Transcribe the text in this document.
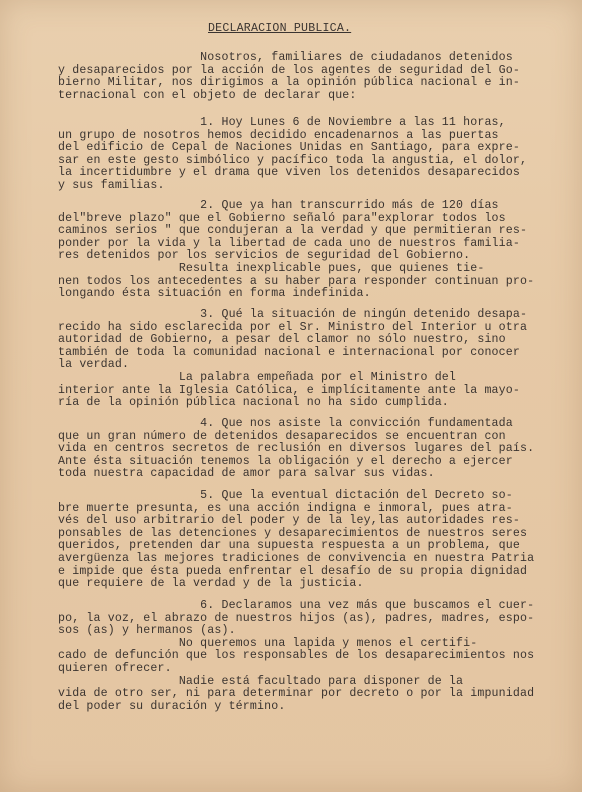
DECLARACION PUBLICA.
Nosotros, familiares de ciudadanos detenidos
y desaparecidos por la acción de los agentes de seguridad del Go-
bierno Militar, nos dirigimos a la opinión pública nacional e in-
ternacional con el objeto de declarar que:
1. Hoy Lunes 6 de Noviembre a las 11 horas,
un grupo de nosotros hemos decidido encadenarnos a las puertas
del edificio de Cepal de Naciones Unidas en Santiago, para expre-
sar en este gesto simbólico y pacífico toda la angustia, el dolor,
la incertidumbre y el drama que viven los detenidos desaparecidos
y sus familias.
2. Que ya han transcurrido más de 120 días
del"breve plazo" que el Gobierno señaló para"explorar todos los
caminos serios " que condujeran a la verdad y que permitieran res-
ponder por la vida y la libertad de cada uno de nuestros familia-
res detenidos por los servicios de seguridad del Gobierno.
Resulta inexplicable pues, que quienes tie-
nen todos los antecedentes a su haber para responder continuan pro-
longando ésta situación en forma indefinida.
3. Qué la situación de ningún detenido desapa-
recido ha sido esclarecida por el Sr. Ministro del Interior u otra
autoridad de Gobierno, a pesar del clamor no sólo nuestro, sino
también de toda la comunidad nacional e internacional por conocer
la verdad.
La palabra empeñada por el Ministro del
interior ante la Iglesia Católica, e implícitamente ante la mayo-
ría de la opinión pública nacional no ha sido cumplida.
4. Que nos asiste la convicción fundamentada
que un gran número de detenidos desaparecidos se encuentran con
vida en centros secretos de reclusión en diversos lugares del país.
Ante ésta situación tenemos la obligación y el derecho a ejercer
toda nuestra capacidad de amor para salvar sus vidas.
5. Que la eventual dictación del Decreto so-
bre muerte presunta, es una acción indigna e inmoral, pues atra-
vés del uso arbitrario del poder y de la ley,las autoridades res-
ponsables de las detenciones y desaparecimientos de nuestros seres
queridos, pretenden dar una supuesta respuesta a un problema, que
avergüenza las mejores tradiciones de convivencia en nuestra Patria
e impide que ésta pueda enfrentar el desafío de su propia dignidad
que requiere de la verdad y de la justicia.
6. Declaramos una vez más que buscamos el cuer-
po, la voz, el abrazo de nuestros hijos (as), padres, madres, espo-
sos (as) y hermanos (as).
No queremos una lapida y menos el certifi-
cado de defunción que los responsables de los desaparecimientos nos
quieren ofrecer.
Nadie está facultado para disponer de la
vida de otro ser, ni para determinar por decreto o por la impunidad
del poder su duración y término.
